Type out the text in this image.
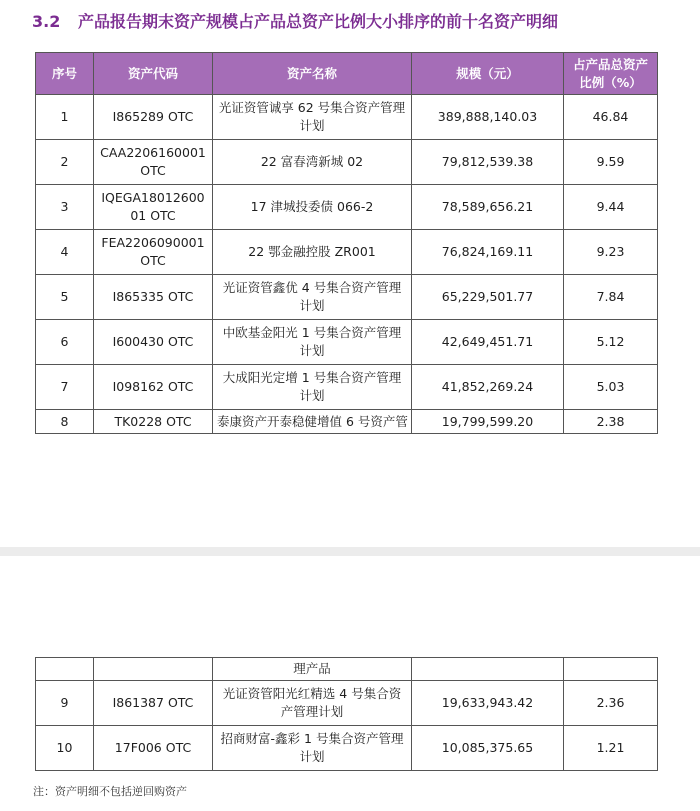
3.2 产品报告期末资产规模占产品总资产比例大小排序的前十名资产明细
序号	资产代码	资产名称	规模（元）	占产品总资产比例（%）
1	I865289 OTC	光证资管诚享 62 号集合资产管理计划	389,888,140.03	46.84
2	CAA2206160001 OTC	22 富春湾新城 02	79,812,539.38	9.59
3	IQEGA1801260001 OTC	17 津城投委债 066-2	78,589,656.21	9.44
4	FEA2206090001 OTC	22 鄂金融控股 ZR001	76,824,169.11	9.23
5	I865335 OTC	光证资管鑫优 4 号集合资产管理计划	65,229,501.77	7.84
6	I600430 OTC	中欧基金阳光 1 号集合资产管理计划	42,649,451.71	5.12
7	I098162 OTC	大成阳光定增 1 号集合资产管理计划	41,852,269.24	5.03
8	TK0228 OTC	泰康资产开泰稳健增值 6 号资产管	19,799,599.20	2.38
		理产品		
9	I861387 OTC	光证资管阳光红精选 4 号集合资产管理计划	19,633,943.42	2.36
10	17F006 OTC	招商财富-鑫彩 1 号集合资产管理计划	10,085,375.65	1.21
注：资产明细不包括逆回购资产
